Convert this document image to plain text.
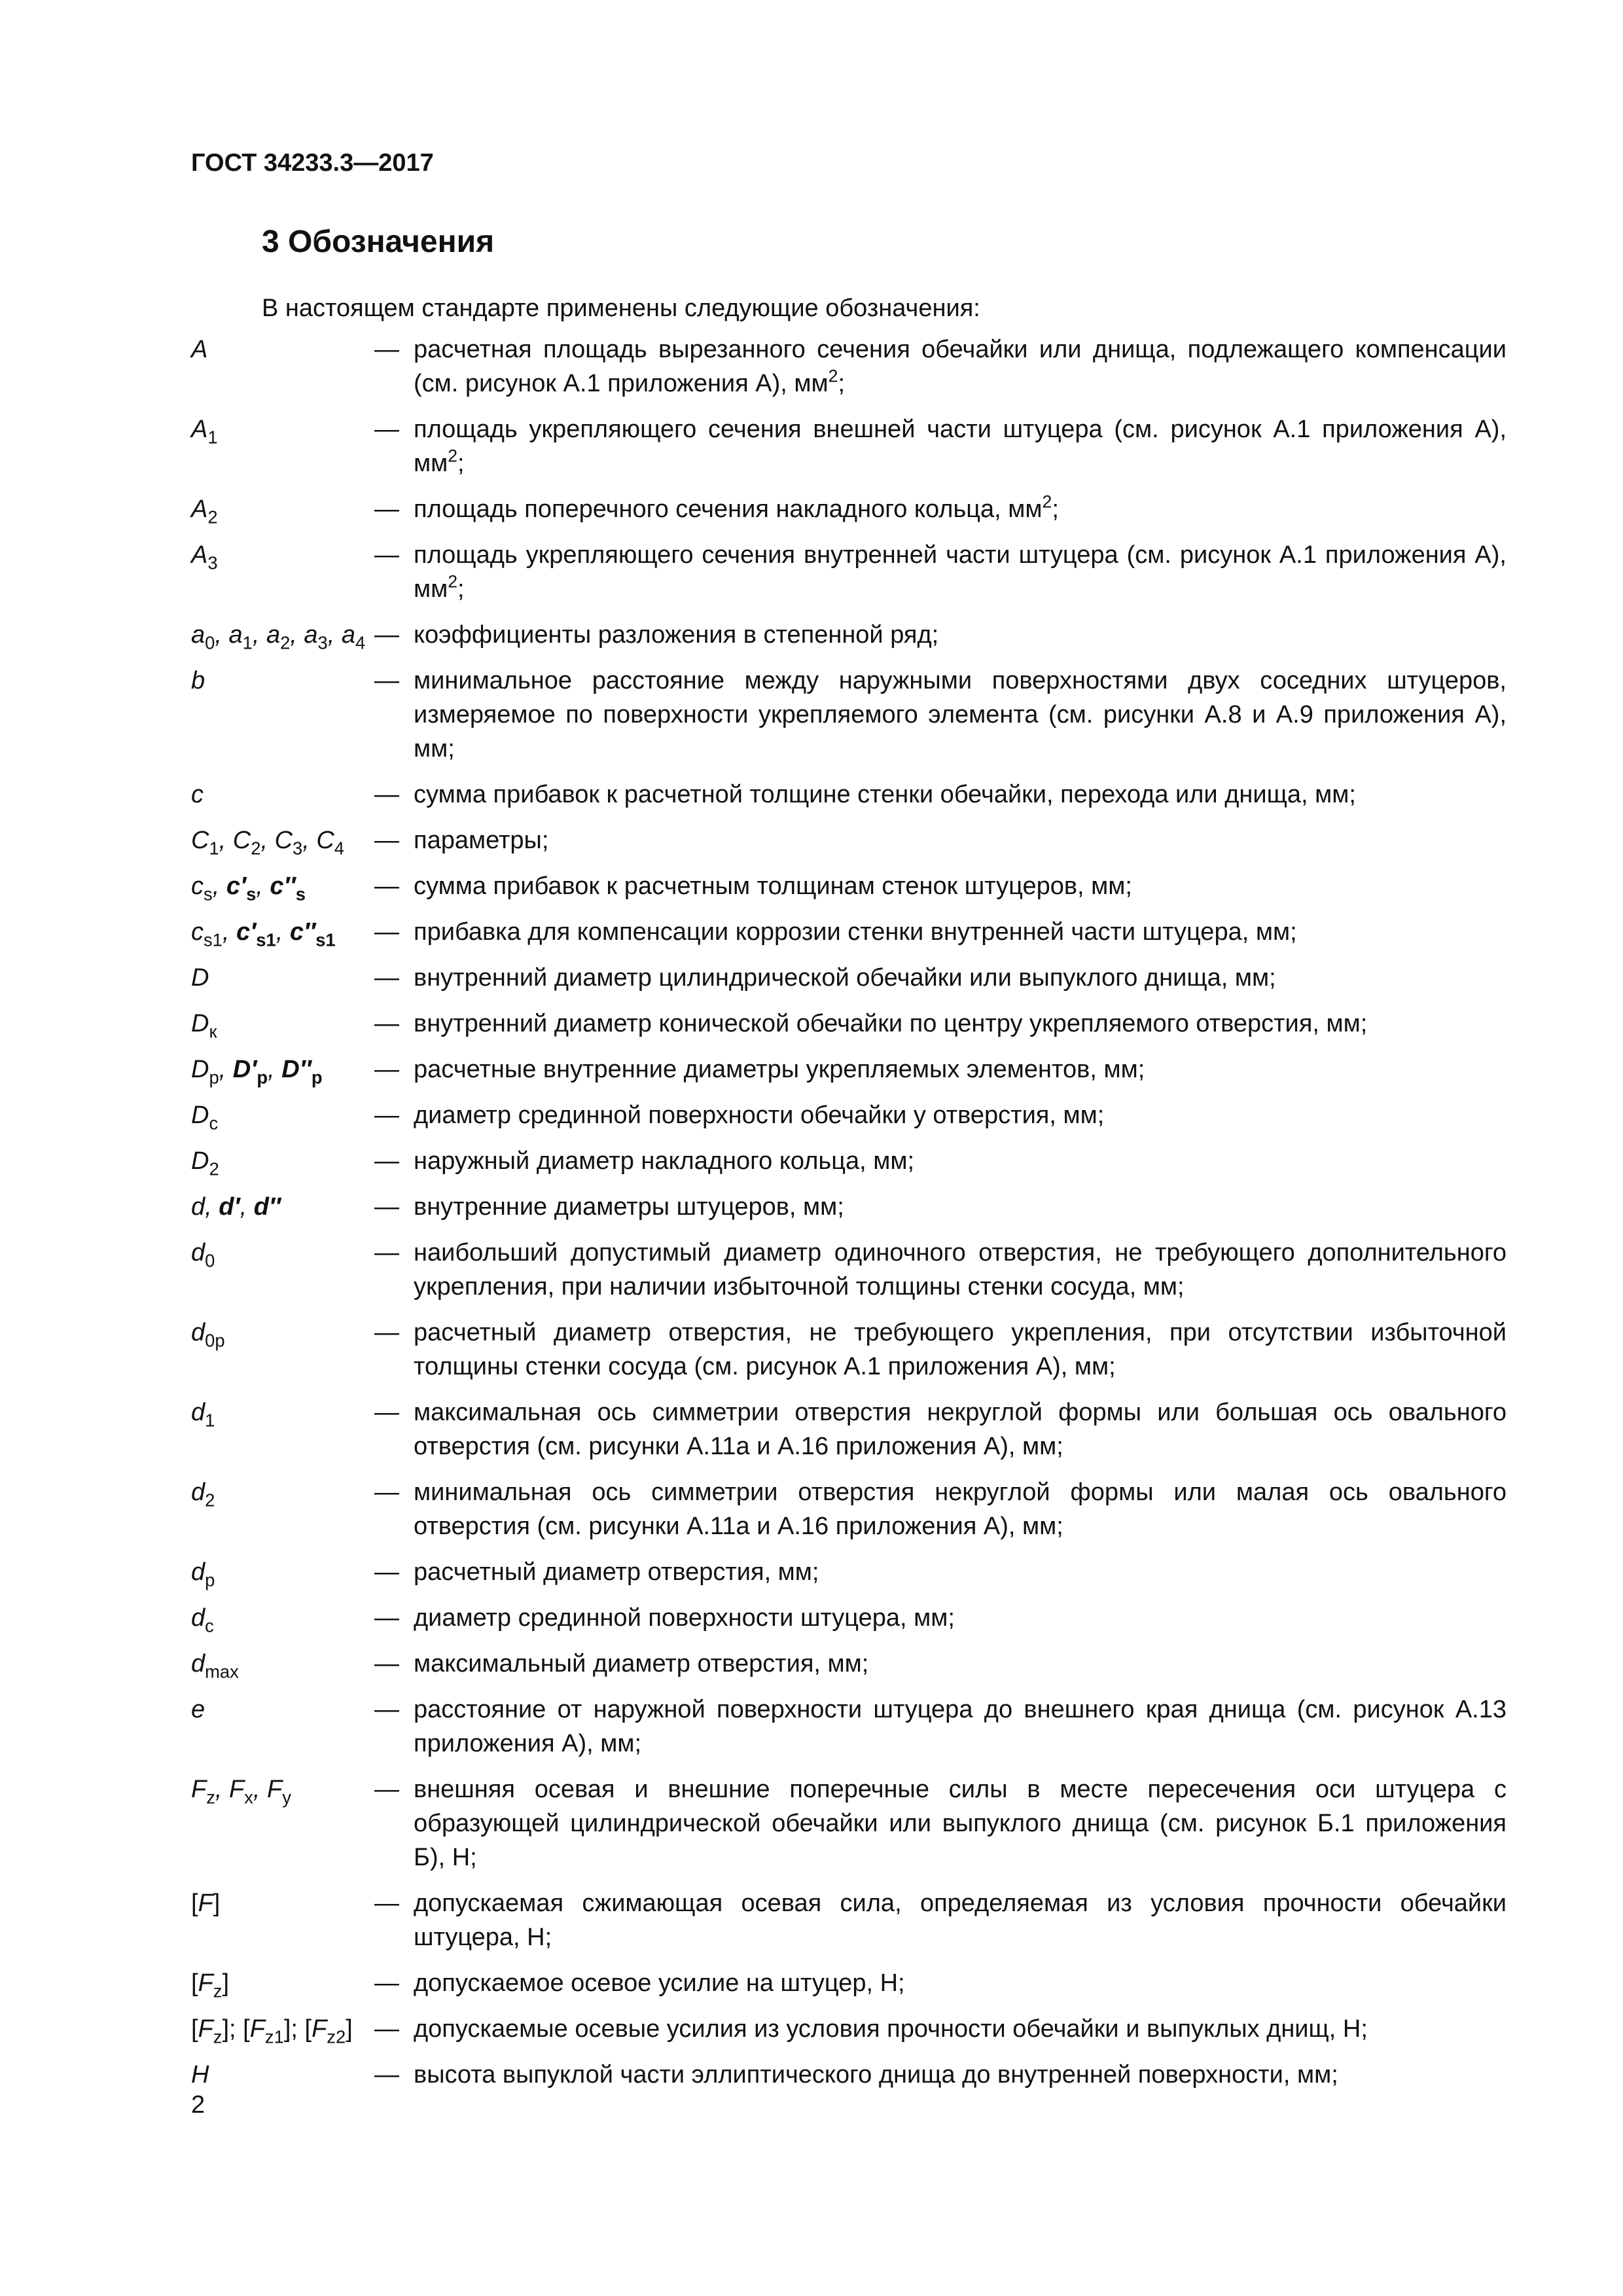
ГОСТ 34233.3—2017
3 Обозначения
В настоящем стандарте применены следующие обозначения:
A	— расчетная площадь вырезанного сечения обечайки или днища, подлежащего компенсации (см. рисунок А.1 приложения А), $мм^2$;
$A_1$	— площадь укрепляющего сечения внешней части штуцера (см. рисунок А.1 приложения А), $мм^2$;
$A_2$	— площадь поперечного сечения накладного кольца, $мм^2$;
$A_3$	— площадь укрепляющего сечения внутренней части штуцера (см. рисунок А.1 приложения А), $мм^2$;
$a_0$, $a_1$, $a_2$, $a_3$, $a_4$ — коэффициенты разложения в степенной ряд;
b	— минимальное расстояние между наружными поверхностями двух соседних штуцеров, измеряемое по поверхности укрепляемого элемента (см. рисунки А.8 и А.9 приложения А), мм;
c	— сумма прибавок к расчетной толщине стенки обечайки, перехода или днища, мм;
$C_1$, $C_2$, $C_3$, $C_4$	— параметры;
$c_s$, $c'_s$, $c''_s$	— сумма прибавок к расчетным толщинам стенок штуцеров, мм;
$c_{s1}$, $c'_{s1}$, $c''_{s1}$	— прибавка для компенсации коррозии стенки внутренней части штуцера, мм;
D	— внутренний диаметр цилиндрической обечайки или выпуклого днища, мм;
$D_к$	— внутренний диаметр конической обечайки по центру укрепляемого отверстия, мм;
$D_р$, $D'_р$, $D''_р$	— расчетные внутренние диаметры укрепляемых элементов, мм;
$D_с$	— диаметр срединной поверхности обечайки у отверстия, мм;
$D_2$	— наружный диаметр накладного кольца, мм;
d, d′, d″	— внутренние диаметры штуцеров, мм;
$d_0$	— наибольший допустимый диаметр одиночного отверстия, не требующего дополнительного укрепления, при наличии избыточной толщины стенки сосуда, мм;
$d_{0р}$	— расчетный диаметр отверстия, не требующего укрепления, при отсутствии избыточной толщины стенки сосуда (см. рисунок А.1 приложения А), мм;
$d_1$	— максимальная ось симметрии отверстия некруглой формы или большая ось овального отверстия (см. рисунки А.11а и А.16 приложения А), мм;
$d_2$	— минимальная ось симметрии отверстия некруглой формы или малая ось овального отверстия (см. рисунки А.11а и А.16 приложения А), мм;
$d_р$	— расчетный диаметр отверстия, мм;
$d_с$	— диаметр срединной поверхности штуцера, мм;
$d_{max}$	— максимальный диаметр отверстия, мм;
e	— расстояние от наружной поверхности штуцера до внешнего края днища (см. рисунок А.13 приложения А), мм;
$F_z$, $F_x$, $F_y$	— внешняя осевая и внешние поперечные силы в месте пересечения оси штуцера с образующей цилиндрической обечайки или выпуклого днища (см. рисунок Б.1 приложения Б), Н;
[F]	— допускаемая сжимающая осевая сила, определяемая из условия прочности обечайки штуцера, Н;
$[F_z]$	— допускаемое осевое усилие на штуцер, Н;
$[F_z]$; $[F_{z1}]$; $[F_{z2}]$ — допускаемые осевые усилия из условия прочности обечайки и выпуклых днищ, Н;
H	— высота выпуклой части эллиптического днища до внутренней поверхности, мм;
2
